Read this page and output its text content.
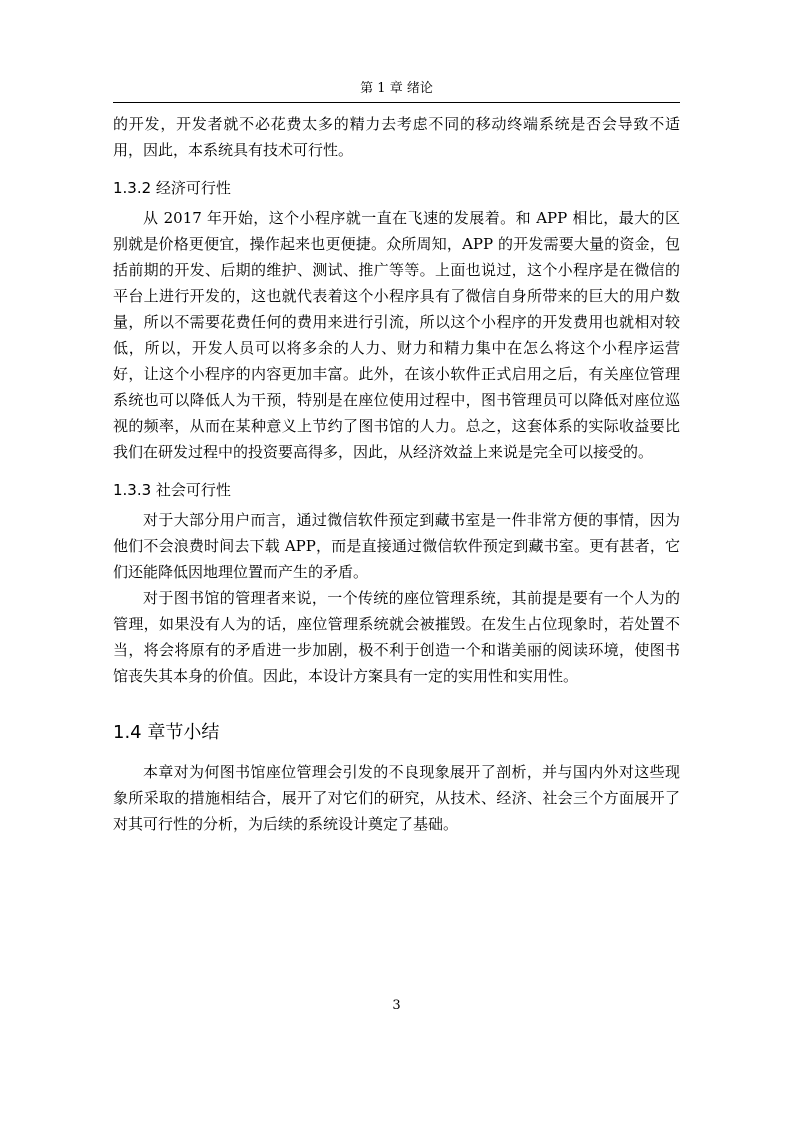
第 1 章 绪论

的开发，开发者就不必花费太多的精力去考虑不同的移动终端系统是否会导致不适用，因此，本系统具有技术可行性。

1.3.2 经济可行性

从 2017 年开始，这个小程序就一直在飞速的发展着。和 APP 相比，最大的区别就是价格更便宜，操作起来也更便捷。众所周知，APP 的开发需要大量的资金，包括前期的开发、后期的维护、测试、推广等等。上面也说过，这个小程序是在微信的平台上进行开发的，这也就代表着这个小程序具有了微信自身所带来的巨大的用户数量，所以不需要花费任何的费用来进行引流，所以这个小程序的开发费用也就相对较低，所以，开发人员可以将多余的人力、财力和精力集中在怎么将这个小程序运营好，让这个小程序的内容更加丰富。此外，在该小软件正式启用之后，有关座位管理系统也可以降低人为干预，特别是在座位使用过程中，图书管理员可以降低对座位巡视的频率，从而在某种意义上节约了图书馆的人力。总之，这套体系的实际收益要比我们在研发过程中的投资要高得多，因此，从经济效益上来说是完全可以接受的。

1.3.3 社会可行性

对于大部分用户而言，通过微信软件预定到藏书室是一件非常方便的事情，因为他们不会浪费时间去下载 APP，而是直接通过微信软件预定到藏书室。更有甚者，它们还能降低因地理位置而产生的矛盾。

对于图书馆的管理者来说，一个传统的座位管理系统，其前提是要有一个人为的管理，如果没有人为的话，座位管理系统就会被摧毁。在发生占位现象时，若处置不当，将会将原有的矛盾进一步加剧，极不利于创造一个和谐美丽的阅读环境，使图书馆丧失其本身的价值。因此，本设计方案具有一定的实用性和实用性。

1.4 章节小结

本章对为何图书馆座位管理会引发的不良现象展开了剖析，并与国内外对这些现象所采取的措施相结合，展开了对它们的研究，从技术、经济、社会三个方面展开了对其可行性的分析，为后续的系统设计奠定了基础。

3
